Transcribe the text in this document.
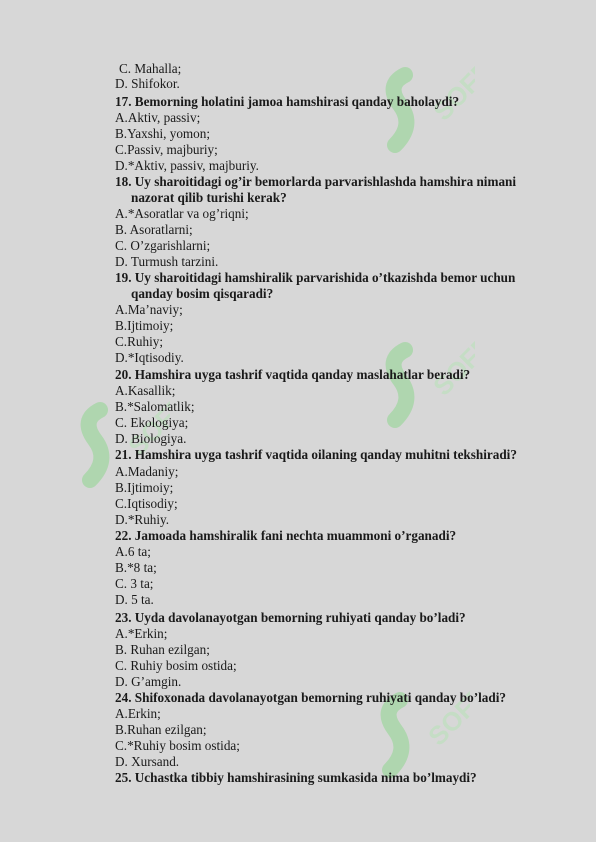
SOFF
SOFF
SOFF
SOFF
C. Mahalla;
D. Shifokor.
17. Bemorning holatini jamoa hamshirasi qanday baholaydi?
A.Aktiv, passiv;
B.Yaxshi, yomon;
C.Passiv, majburiy;
D.*Aktiv, passiv, majburiy.
18. Uy sharoitidagi og’ir bemorlarda parvarishlashda hamshira nimani
nazorat qilib turishi kerak?
A.*Asoratlar va og’riqni;
B. Asoratlarni;
C. O’zgarishlarni;
D. Turmush tarzini.
19. Uy sharoitidagi hamshiralik parvarishida o’tkazishda bemor uchun
qanday bosim qisqaradi?
A.Ma’naviy;
B.Ijtimoiy;
C.Ruhiy;
D.*Iqtisodiy.
20. Hamshira uyga tashrif vaqtida qanday maslahatlar beradi?
A.Kasallik;
B.*Salomatlik;
C. Ekologiya;
D. Biologiya.
21. Hamshira uyga tashrif vaqtida oilaning qanday muhitni tekshiradi?
A.Madaniy;
B.Ijtimoiy;
C.Iqtisodiy;
D.*Ruhiy.
22. Jamoada hamshiralik fani nechta muammoni o’rganadi?
A.6 ta;
B.*8 ta;
C. 3 ta;
D. 5 ta.
23. Uyda davolanayotgan bemorning ruhiyati qanday bo’ladi?
A.*Erkin;
B. Ruhan ezilgan;
C. Ruhiy bosim ostida;
D. G’amgin.
24. Shifoxonada davolanayotgan bemorning ruhiyati qanday bo’ladi?
A.Erkin;
B.Ruhan ezilgan;
C.*Ruhiy bosim ostida;
D. Xursand.
25. Uchastka tibbiy hamshirasining sumkasida nima bo’lmaydi?
